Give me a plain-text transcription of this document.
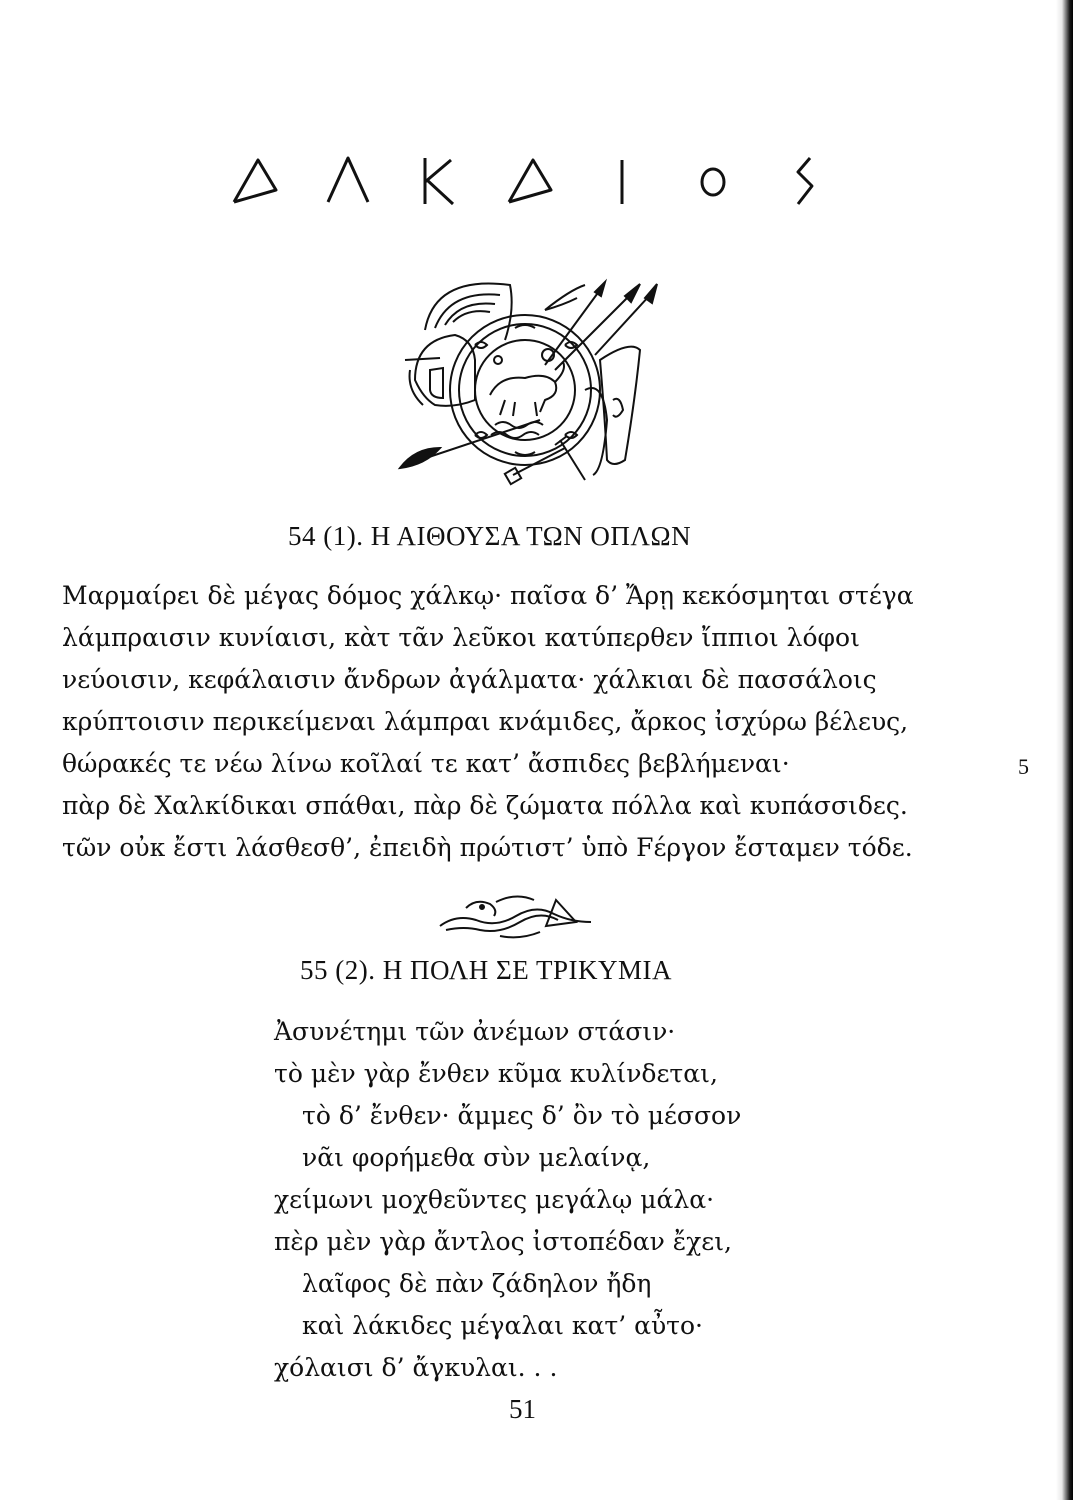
54 (1). Η ΑΙΘΟΥΣΑ ΤΩΝ ΟΠΛΩΝ
Μαρμαίρει δὲ μέγας δόμος χάλκῳ· παῖσα δ’ Ἄρῃ κεκόσμηται στέγα
λάμπραισιν κυνίαισι, κὰτ τᾶν λεῦκοι κατύπερθεν ἴππιοι λόφοι
νεύοισιν, κεφάλαισιν ἄνδρων ἀγάλματα· χάλκιαι δὲ πασσάλοις
κρύπτοισιν περικείμεναι λάμπραι κνάμιδες, ἄρκος ἰσχύρω βέλευς,
θώρακές τε νέω λίνω κοῖλαί τε κατ’ ἄσπιδες βεβλήμεναι·	5
πὰρ δὲ Χαλκίδικαι σπάθαι, πὰρ δὲ ζώματα πόλλα καὶ κυπάσσιδες.
τῶν οὐκ ἔστι λάσθεσθ’, ἐπειδὴ πρώτιστ’ ὑπὸ Fέργον ἔσταμεν τόδε.
55 (2). Η ΠΟΛΗ ΣΕ ΤΡΙΚΥΜΙΑ
Ἀσυνέτημι τῶν ἀνέμων στάσιν·
τὸ μὲν γὰρ ἔνθεν κῦμα κυλίνδεται,
τὸ δ’ ἔνθεν· ἄμμες δ’ ὂν τὸ μέσσον
νᾶι φορήμεθα σὺν μελαίνᾳ,
χείμωνι μοχθεῦντες μεγάλῳ μάλα·
πὲρ μὲν γὰρ ἄντλος ἰστοπέδαν ἔχει,
λαῖφος δὲ πὰν ζάδηλον ἤδη
καὶ λάκιδες μέγαλαι κατ’ αὖτο·
χόλαισι δ’ ἄγκυλαι. . .
51
